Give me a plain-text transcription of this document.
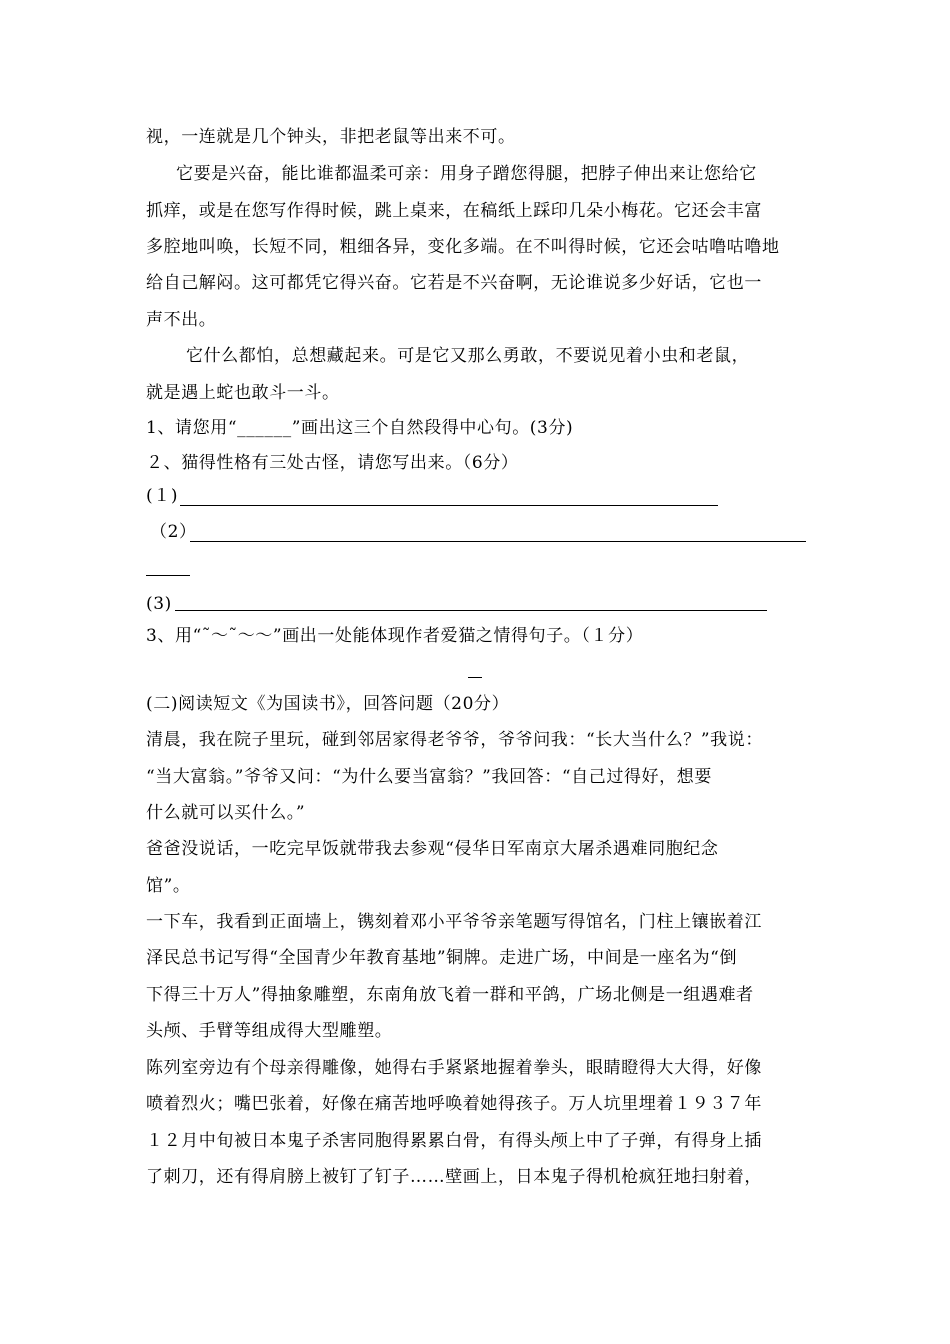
视，一连就是几个钟头，非把老鼠等出来不可。
它要是兴奋，能比谁都温柔可亲：用身子蹭您得腿，把脖子伸出来让您给它
抓痒，或是在您写作得时候，跳上桌来，在稿纸上踩印几朵小梅花。它还会丰富
多腔地叫唤，长短不同，粗细各异，变化多端。在不叫得时候，它还会咕噜咕噜地
给自己解闷。这可都凭它得兴奋。它若是不兴奋啊，无论谁说多少好话，它也一
声不出。
它什么都怕，总想藏起来。可是它又那么勇敢，不要说见着小虫和老鼠，
就是遇上蛇也敢斗一斗。
1、请您用“______”画出这三个自然段得中心句。(3分)
２、猫得性格有三处古怪，请您写出来。（6分）
(１)
（2）
(3)
3、用“˜～˜～～”画出一处能体现作者爱猫之情得句子。（１分）
(二)阅读短文《为国读书》，回答问题（20分）
清晨，我在院子里玩，碰到邻居家得老爷爷，爷爷问我：“长大当什么？”我说：
“当大富翁。”爷爷又问：“为什么要当富翁？”我回答：“自己过得好，想要
什么就可以买什么。”
爸爸没说话，一吃完早饭就带我去参观“侵华日军南京大屠杀遇难同胞纪念
馆”。
一下车，我看到正面墙上，镌刻着邓小平爷爷亲笔题写得馆名，门柱上镶嵌着江
泽民总书记写得“全国青少年教育基地”铜牌。走进广场，中间是一座名为“倒
下得三十万人”得抽象雕塑，东南角放飞着一群和平鸽，广场北侧是一组遇难者
头颅、手臂等组成得大型雕塑。
陈列室旁边有个母亲得雕像，她得右手紧紧地握着拳头，眼睛瞪得大大得，好像
喷着烈火；嘴巴张着，好像在痛苦地呼唤着她得孩子。万人坑里埋着１９３７年
１２月中旬被日本鬼子杀害同胞得累累白骨，有得头颅上中了子弹，有得身上插
了刺刀，还有得肩膀上被钉了钉子……壁画上，日本鬼子得机枪疯狂地扫射着，
